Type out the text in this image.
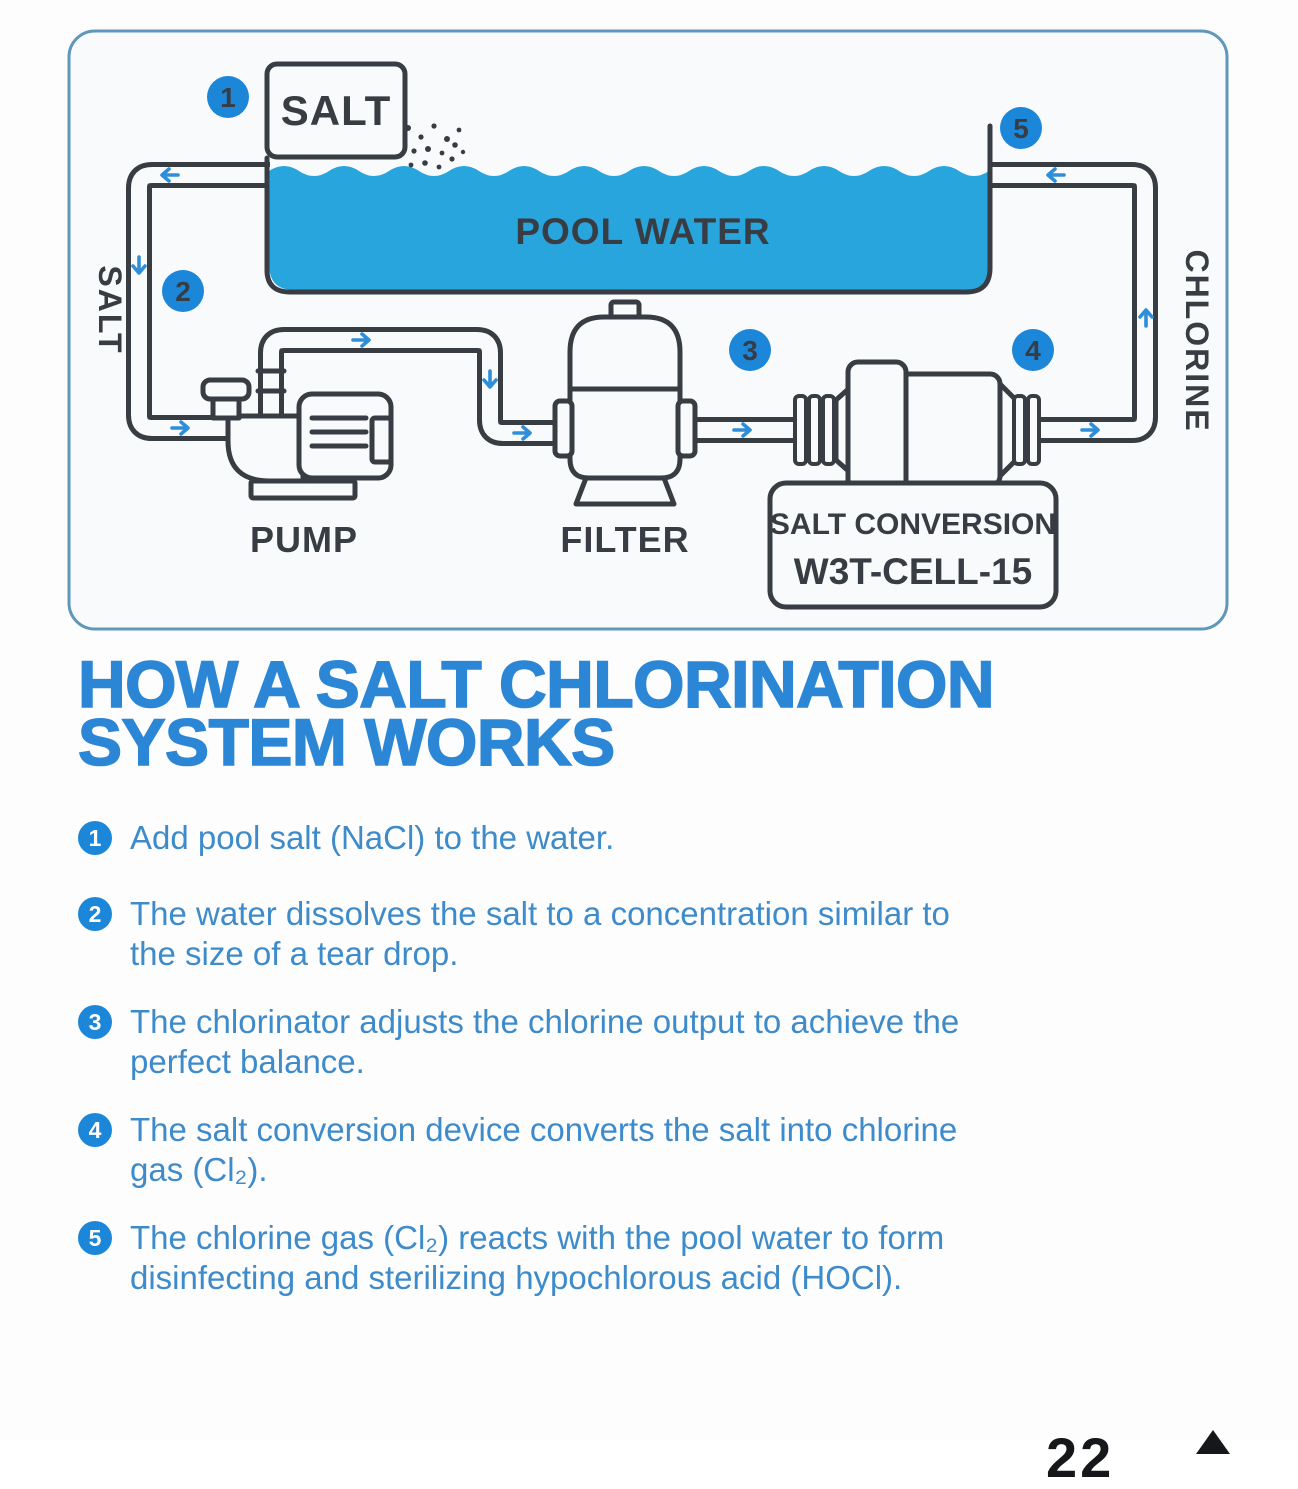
POOL WATER
SALT
PUMP	FILTER	SALT CONVERSION
W3T-CELL-15
SALT	CHLORINE
1
2
3	4
5
HOW A SALT CHLORINATION
SYSTEM WORKS
1 Add pool salt (NaCl) to the water.
2 The water dissolves the salt to a concentration similar to
the size of a tear drop.
3 The chlorinator adjusts the chlorine output to achieve the
perfect balance.
4 The salt conversion device converts the salt into chlorine
gas (Cl₂).
5 The chlorine gas (Cl₂) reacts with the pool water to form
disinfecting and sterilizing hypochlorous acid (HOCl).
22
